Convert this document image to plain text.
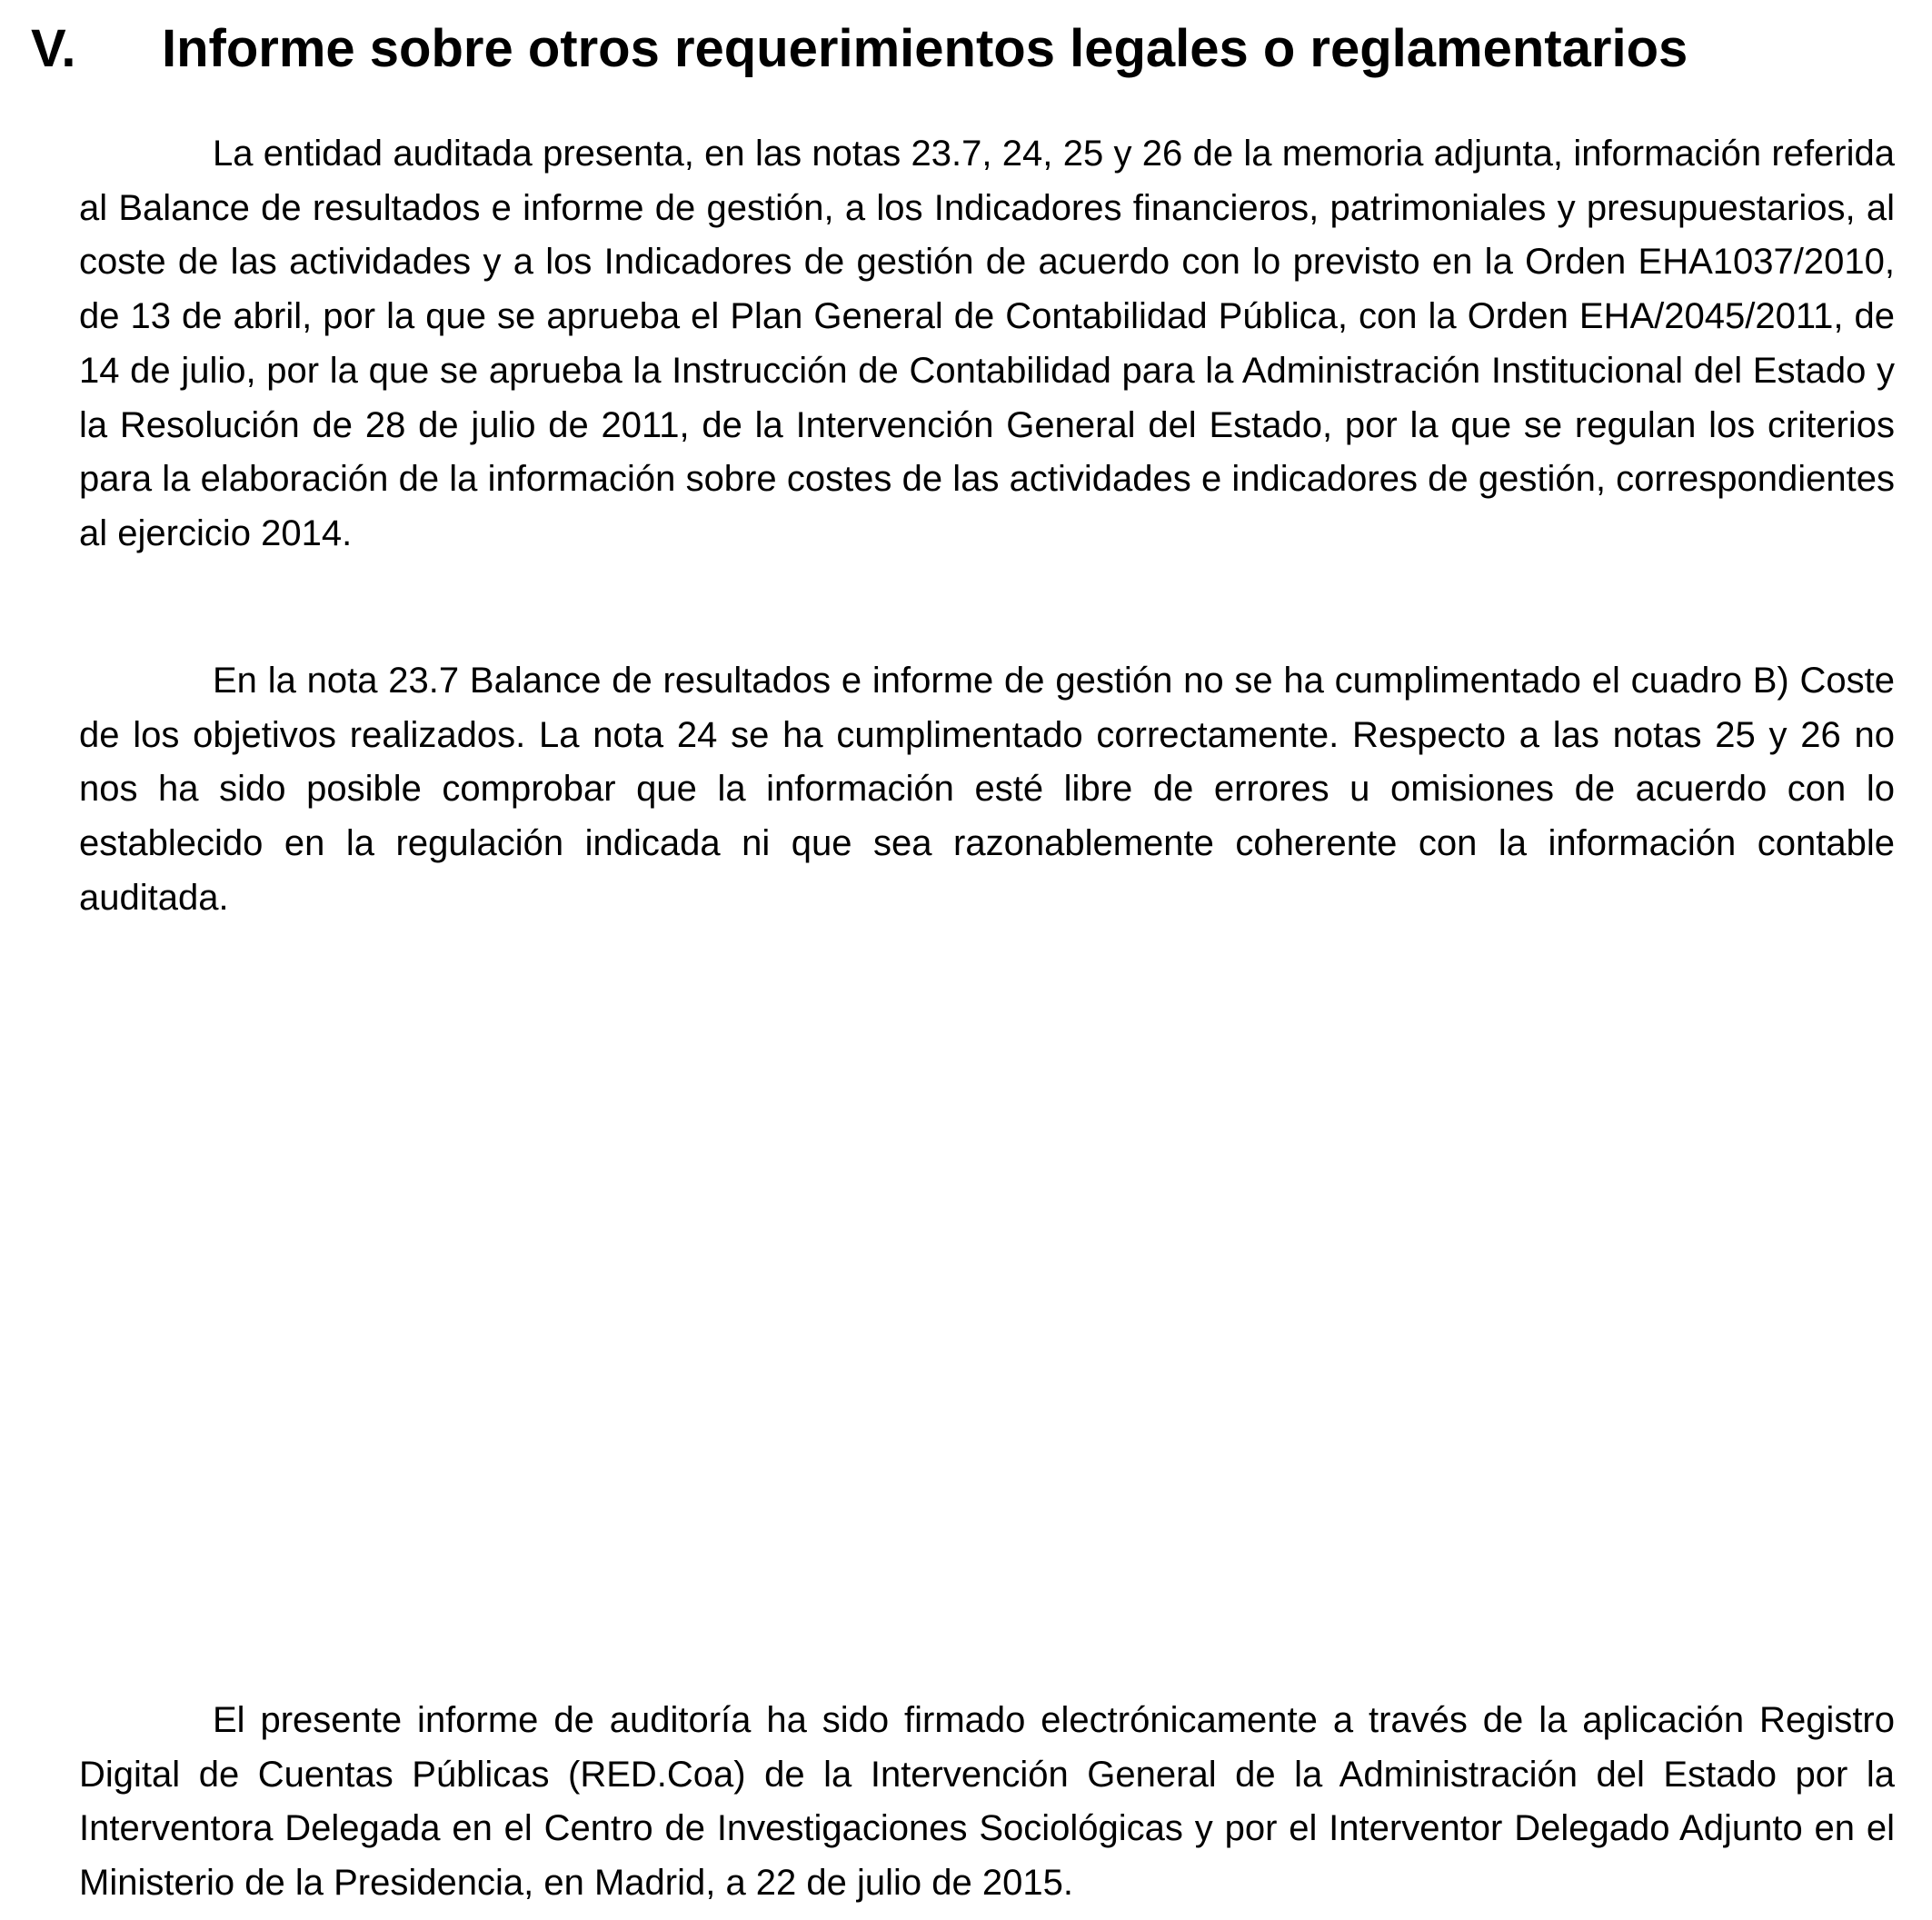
V. Informe sobre otros requerimientos legales o reglamentarios

La entidad auditada presenta, en las notas 23.7, 24, 25 y 26 de la memoria adjunta, información referida al Balance de resultados e informe de gestión, a los Indicadores financieros, patrimoniales y presupuestarios, al coste de las actividades y a los Indicadores de gestión de acuerdo con lo previsto en la Orden EHA1037/2010, de 13 de abril, por la que se aprueba el Plan General de Contabilidad Pública, con la Orden EHA/2045/2011, de 14 de julio, por la que se aprueba la Instrucción de Contabilidad para la Administración Institucional del Estado y la Resolución de 28 de julio de 2011, de la Intervención General del Estado, por la que se regulan los criterios para la elaboración de la información sobre costes de las actividades e indicadores de gestión, correspondientes al ejercicio 2014.

En la nota 23.7 Balance de resultados e informe de gestión no se ha cumplimentado el cuadro B) Coste de los objetivos realizados. La nota 24 se ha cumplimentado correctamente. Respecto a las notas 25 y 26 no nos ha sido posible comprobar que la información esté libre de errores u omisiones de acuerdo con lo establecido en la regulación indicada ni que sea razonablemente coherente con la información contable auditada.

El presente informe de auditoría ha sido firmado electrónicamente a través de la aplicación Registro Digital de Cuentas Públicas (RED.Coa) de la Intervención General de la Administración del Estado por la Interventora Delegada en el Centro de Investigaciones Sociológicas y por el Interventor Delegado Adjunto en el Ministerio de la Presidencia, en Madrid, a 22 de julio de 2015.
